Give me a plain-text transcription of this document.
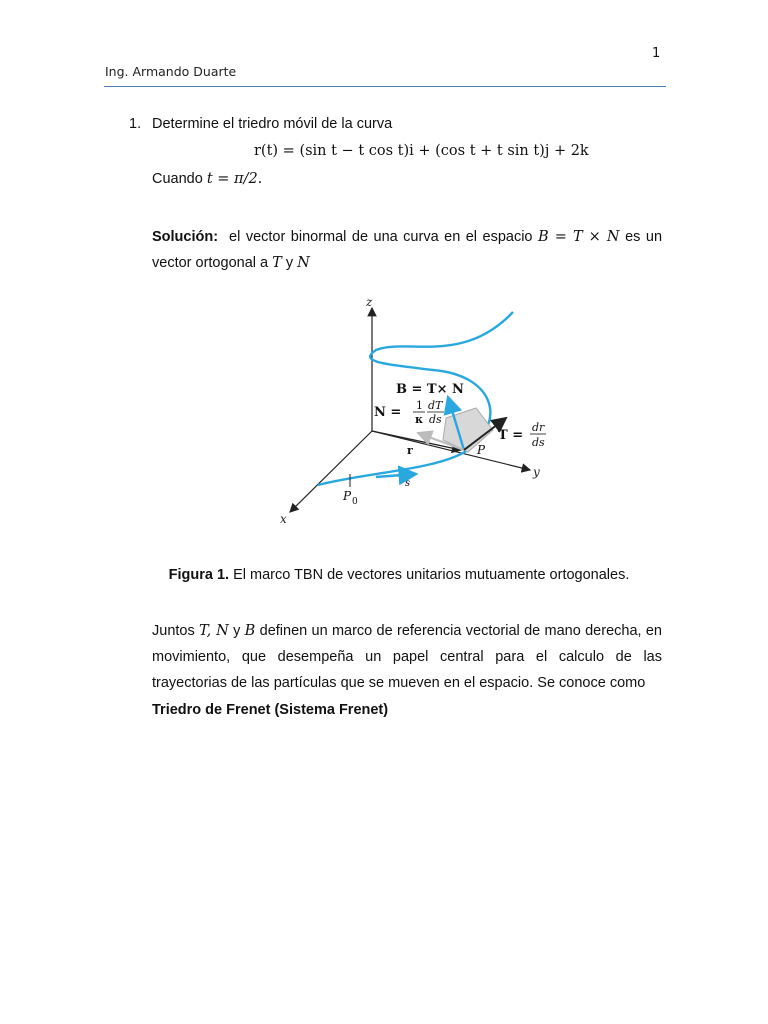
1
Ing. Armando Duarte
1. Determine el triedro móvil de la curva
r(t) = (sin t − t cos t)i + (cos t + t sin t)j + 2k
Cuando t = π/2.
Solución: el vector binormal de una curva en el espacio B = T × N es un vector ortogonal a T y N
z
y
x
B = T× N
N = 1
κ
dT
ds
T =
dr
ds
r	P
P 0
s
Figura 1. El marco TBN de vectores unitarios mutuamente ortogonales.
Juntos T, N y B definen un marco de referencia vectorial de mano derecha, en movimiento, que desempeña un papel central para el calculo de las trayectorias de las partículas que se mueven en el espacio. Se conoce como
Triedro de Frenet (Sistema Frenet)
